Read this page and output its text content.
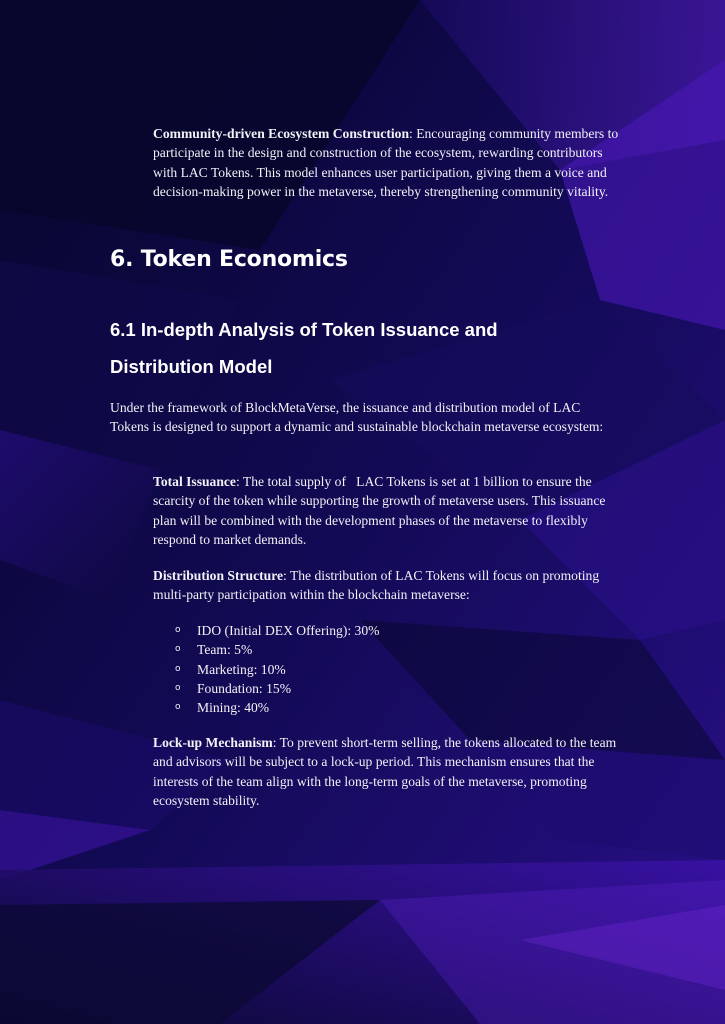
Community-driven Ecosystem Construction: Encouraging community members to participate in the design and construction of the ecosystem, rewarding contributors with LAC Tokens. This model enhances user participation, giving them a voice and decision-making power in the metaverse, thereby strengthening community vitality.

6. Token Economics
6.1 In-depth Analysis of Token Issuance and Distribution Model

Under the framework of BlockMetaVerse, the issuance and distribution model of LAC Tokens is designed to support a dynamic and sustainable blockchain metaverse ecosystem:

Total Issuance: The total supply of   LAC Tokens is set at 1 billion to ensure the scarcity of the token while supporting the growth of metaverse users. This issuance plan will be combined with the development phases of the metaverse to flexibly respond to market demands.

Distribution Structure: The distribution of LAC Tokens will focus on promoting multi-party participation within the blockchain metaverse:

o IDO (Initial DEX Offering): 30%
o Team: 5%
o Marketing: 10%
o Foundation: 15%
o Mining: 40%

Lock-up Mechanism: To prevent short-term selling, the tokens allocated to the team and advisors will be subject to a lock-up period. This mechanism ensures that the interests of the team align with the long-term goals of the metaverse, promoting ecosystem stability.
